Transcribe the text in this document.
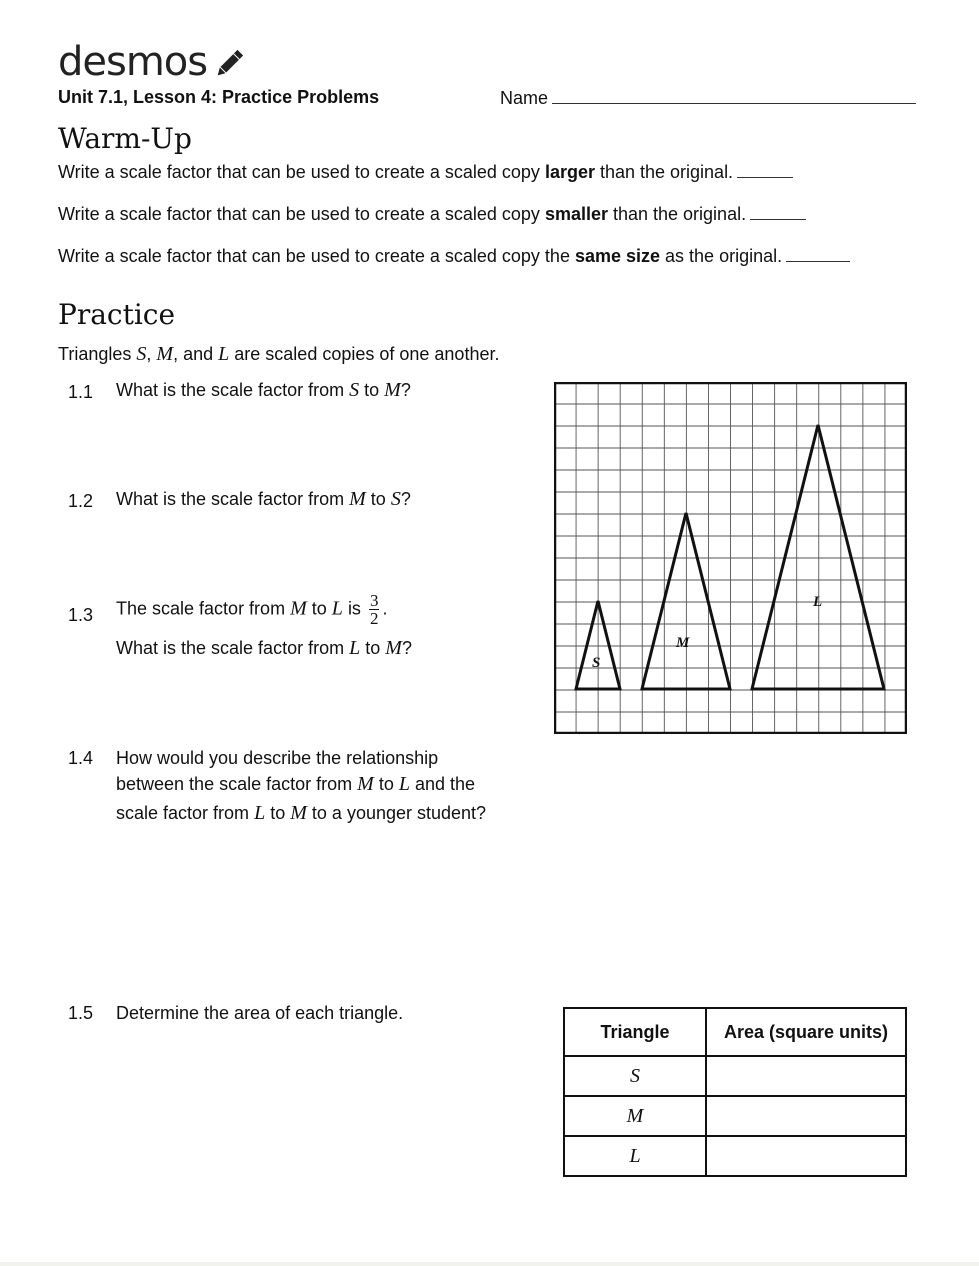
desmos
Unit 7.1, Lesson 4: Practice Problems	Name
Warm-Up
Write a scale factor that can be used to create a scaled copy larger than the original.
Write a scale factor that can be used to create a scaled copy smaller than the original.
Write a scale factor that can be used to create a scaled copy the same size as the original.
Practice
Triangles S, M, and L are scaled copies of one another.
1.1 What is the scale factor from S to M?
1.2 What is the scale factor from M to S?
1.3 The scale factor from M to L is $\frac{3}{2}$ .
What is the scale factor from L to M?
1.4 How would you describe the relationship
between the scale factor from M to L and the
scale factor from L to M to a younger student?
1.5 Determine the area of each triangle.
S
M
L
Triangle	Area (square units)
S	
M	
L	
